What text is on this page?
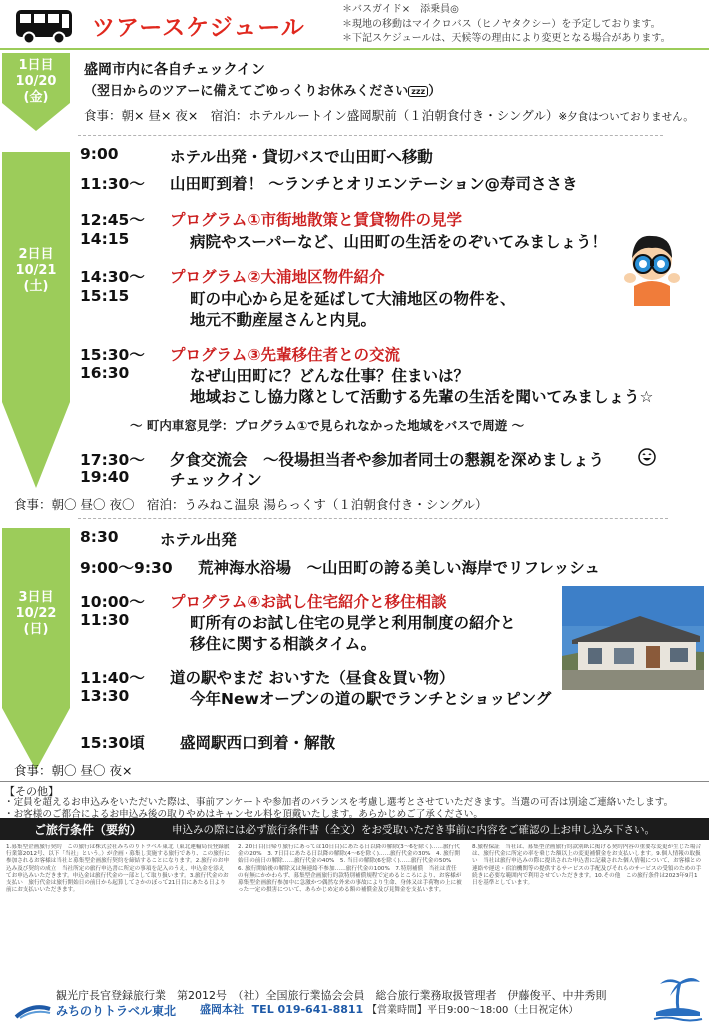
ツアースケジュール
＊バスガイド×　添乗員◎
＊現地の移動はマイクロバス（ヒノヤタクシー）を予定しております。
＊下記スケジュールは、天候等の理由により変更となる場合があります。
1日目
10/20
(金)
盛岡市内に各自チェックイン
（翌日からのツアーに備えてごゆっくりお休みください zzz ）
食事：朝× 昼× 夜×　宿泊：ホテルルートイン盛岡駅前（１泊朝食付き・シングル）※夕食はついておりません。
2日目
10/21
(土)
9:00	ホテル出発・貸切バスで山田町へ移動
11:30～ 山田町到着！ ～ランチとオリエンテーション@寿司ささき
12:45～ プログラム①市街地散策と賃貸物件の見学
14:15	病院やスーパーなど、山田町の生活をのぞいてみましょう！
14:30～ プログラム②大浦地区物件紹介
15:15	町の中心から足を延ばして大浦地区の物件を、
地元不動産屋さんと内見。
15:30～ プログラム③先輩移住者との交流
16:30	なぜ山田町に？どんな仕事？住まいは？
地域おこし協力隊として活動する先輩の生活を聞いてみましょう☆
～ 町内車窓見学：プログラム①で見られなかった地域をバスで周遊 ～
17:30～ 夕食交流会　～役場担当者や参加者同士の懇親を深めましょう
19:40	チェックイン
食事：朝〇 昼〇 夜〇　宿泊：うみねこ温泉 湯らっくす（１泊朝食付き・シングル）
3日目
10/22
(日)
8:30	ホテル出発
9:00～9:30 荒神海水浴場　～山田町の誇る美しい海岸でリフレッシュ
10:00～ プログラム④お試し住宅紹介と移住相談
11:30	町所有のお試し住宅の見学と利用制度の紹介と
移住に関する相談タイム。
11:40～ 道の駅やまだ おいすた（昼食＆買い物）
13:30	今年Newオープンの道の駅でランチとショッピング
15:30頃 盛岡駅西口到着・解散
食事：朝〇 昼〇 夜×
【その他】
・定員を超えるお申込みをいただいた際は、事前アンケートや参加者のバランスを考慮し選考とさせていただきます。当選の可否は別途ご連絡いたします。
ご旅行条件（要約）	申込みの際には必ず旅行条件書（全文）をお受取いただき事前に内容をご確認の上お申し込み下さい。
1.募集型企画旅行契約　この旅行は株式会社みちのりトラベル東北（東北運輸局長登録旅行業第2012号、以下「当社」という。）が企画・募集し実施する旅行であり、この旅行に参加されるお客様は当社と募集型企画旅行契約を締結することになります。2.旅行のお申込み及び契約の成立　当社所定の旅行申込書に所定の事項を記入のうえ、申込金を添えてお申込みいただきます。申込金は旅行代金の一部として取り扱います。3.旅行代金のお支払い　旅行代金は旅行開始日の前日から起算してさかのぼって21日目にあたる日より前にお支払いいただきます。
2. 20日目(日帰り旅行にあっては10日目)にあたる日以降の解除(3～6を除く)……旅行代金の20%　3. 7日目にあたる日以降の解除(4～6を除く)……旅行代金の30%　4. 旅行開始日の前日の解除……旅行代金の40%　5. 当日の解除(6を除く)……旅行代金の50%　6. 旅行開始後の解除又は無連絡不参加……旅行代金の100%　7.特別補償　当社は責任の有無にかかわらず、募集型企画旅行約款特別補償規程で定めるところにより、お客様が募集型企画旅行参加中に急激かつ偶然な外来の事故により生命、身体又は手荷物の上に被った一定の損害について、あらかじめ定める額の補償金及び見舞金を支払います。
8.旅程保証　当社は、募集型企画旅行約款別紙に掲げる契約内容の重要な変更が生じた場合は、旅行代金に所定の率を乗じた額以上の変更補償金をお支払いします。9.個人情報の取扱い　当社は旅行申込みの際に提出された申込書に記載された個人情報について、お客様との連絡や運送・宿泊機関等の提供するサービスの手配及びそれらのサービスの受領のための手続きに必要な範囲内で利用させていただきます。10.その他　この旅行条件は2023年9月1日を基準としています。
観光庁長官登録旅行業　第2012号　（社）全国旅行業協会会員　総合旅行業務取扱管理者　伊藤俊平、中井秀則
みちのりトラベル東北 盛岡本社 TEL 019-641-8811 【営業時間】平日9:00～18:00（土日祝定休）
・お客様のご都合によるお申込み後の取りやめはキャンセル料を頂戴いたします。あらかじめご了承ください。
